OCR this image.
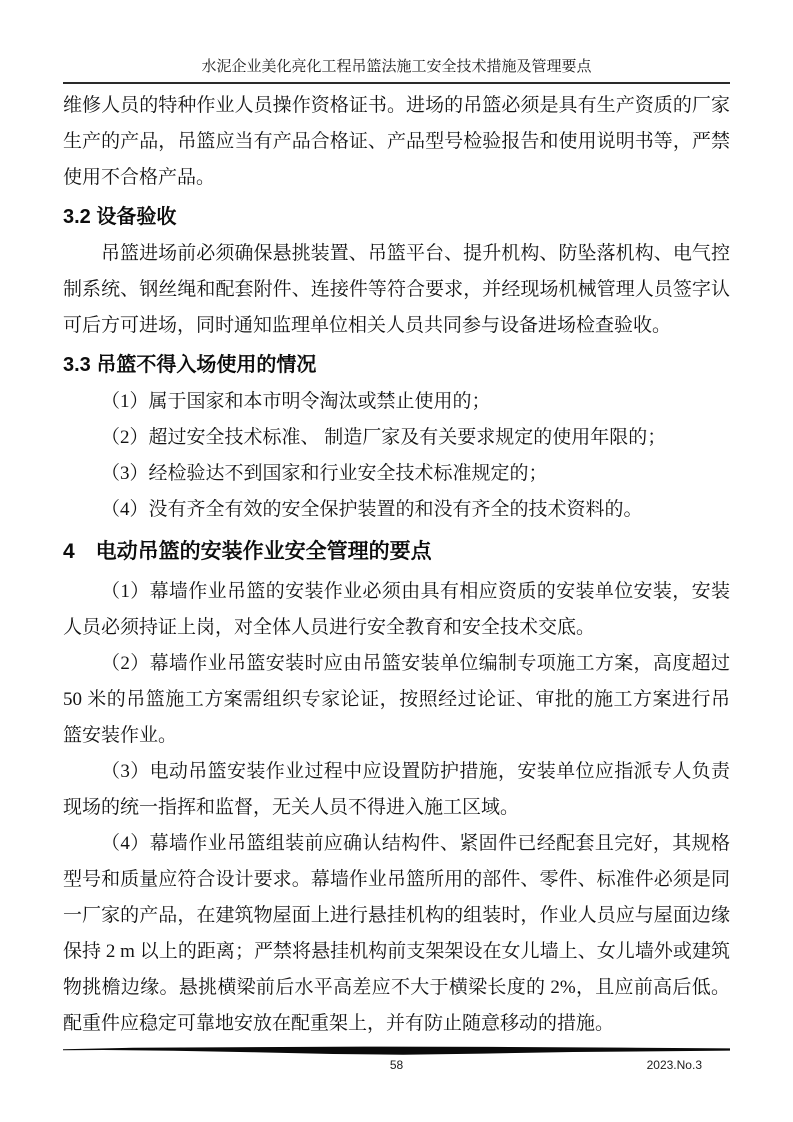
水泥企业美化亮化工程吊篮法施工安全技术措施及管理要点

维修人员的特种作业人员操作资格证书。进场的吊篮必须是具有生产资质的厂家生产的产品，吊篮应当有产品合格证、产品型号检验报告和使用说明书等，严禁使用不合格产品。

3.2 设备验收

吊篮进场前必须确保悬挑装置、吊篮平台、提升机构、防坠落机构、电气控制系统、钢丝绳和配套附件、连接件等符合要求，并经现场机械管理人员签字认可后方可进场，同时通知监理单位相关人员共同参与设备进场检查验收。

3.3 吊篮不得入场使用的情况

（1）属于国家和本市明令淘汰或禁止使用的；

（2）超过安全技术标准、 制造厂家及有关要求规定的使用年限的；

（3）经检验达不到国家和行业安全技术标准规定的；

（4）没有齐全有效的安全保护装置的和没有齐全的技术资料的。

4　电动吊篮的安装作业安全管理的要点

（1）幕墙作业吊篮的安装作业必须由具有相应资质的安装单位安装，安装人员必须持证上岗，对全体人员进行安全教育和安全技术交底。

（2）幕墙作业吊篮安装时应由吊篮安装单位编制专项施工方案，高度超过 50 米的吊篮施工方案需组织专家论证，按照经过论证、审批的施工方案进行吊篮安装作业。

（3）电动吊篮安装作业过程中应设置防护措施，安装单位应指派专人负责现场的统一指挥和监督，无关人员不得进入施工区域。

（4）幕墙作业吊篮组装前应确认结构件、紧固件已经配套且完好，其规格型号和质量应符合设计要求。幕墙作业吊篮所用的部件、零件、标准件必须是同一厂家的产品，在建筑物屋面上进行悬挂机构的组装时，作业人员应与屋面边缘保持 2 m 以上的距离；严禁将悬挂机构前支架架设在女儿墙上、女儿墙外或建筑物挑檐边缘。悬挑横梁前后水平高差应不大于横梁长度的 2%，且应前高后低。配重件应稳定可靠地安放在配重架上，并有防止随意移动的措施。

58	2023.No.3
